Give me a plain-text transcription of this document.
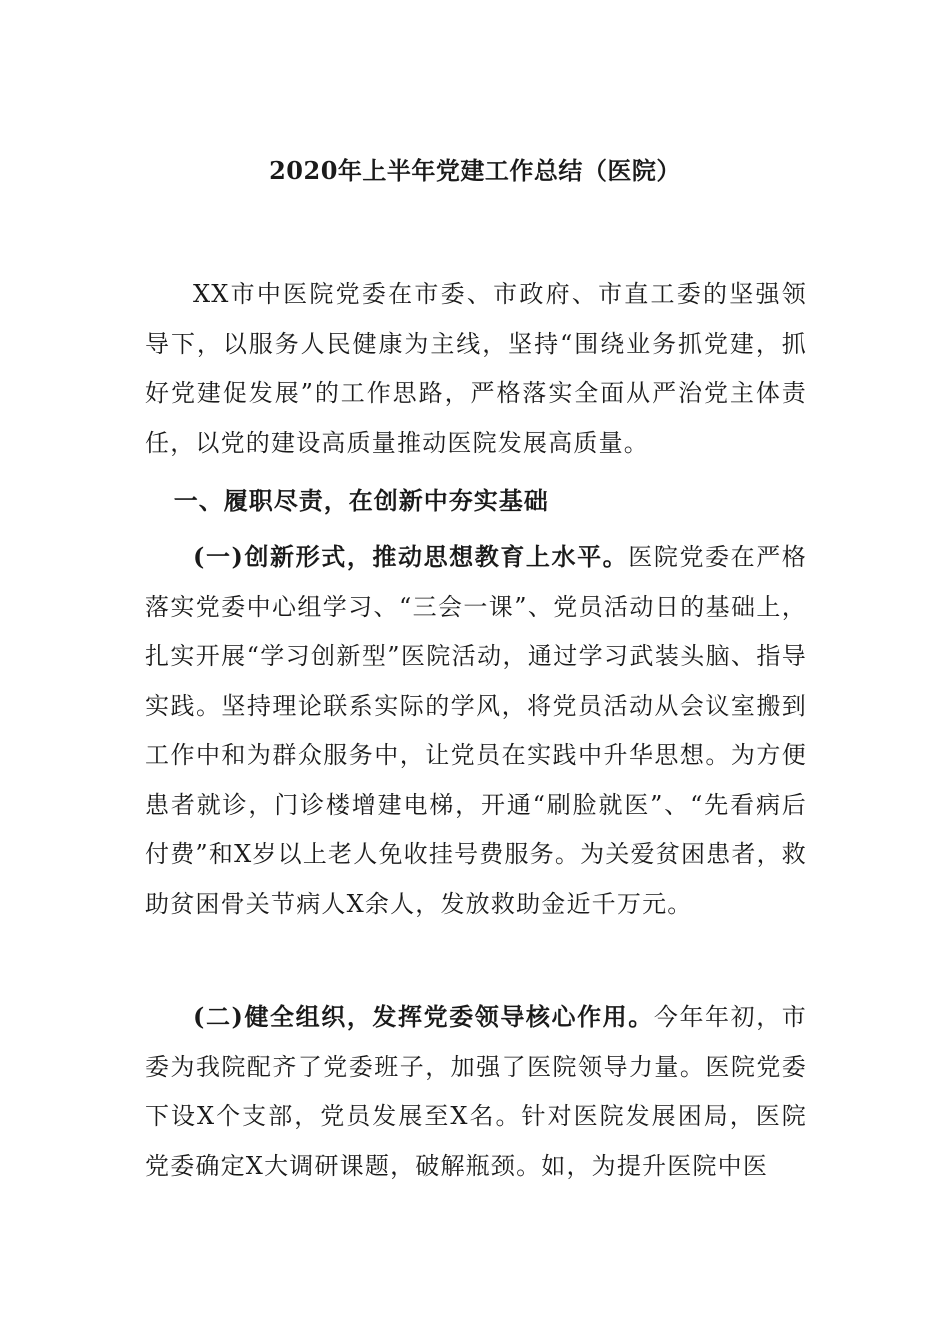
2020年上半年党建工作总结（医院）

XX市中医院党委在市委、市政府、市直工委的坚强领导下，以服务人民健康为主线，坚持“围绕业务抓党建，抓好党建促发展”的工作思路，严格落实全面从严治党主体责任，以党的建设高质量推动医院发展高质量。

一、履职尽责，在创新中夯实基础

(一)创新形式，推动思想教育上水平。医院党委在严格落实党委中心组学习、“三会一课”、党员活动日的基础上，扎实开展“学习创新型”医院活动，通过学习武装头脑、指导实践。坚持理论联系实际的学风，将党员活动从会议室搬到工作中和为群众服务中，让党员在实践中升华思想。为方便患者就诊，门诊楼增建电梯，开通“刷脸就医”、“先看病后付费”和X岁以上老人免收挂号费服务。为关爱贫困患者，救助贫困骨关节病人X余人，发放救助金近千万元。

(二)健全组织，发挥党委领导核心作用。今年年初，市委为我院配齐了党委班子，加强了医院领导力量。医院党委下设X个支部，党员发展至X名。针对医院发展困局，医院党委确定X大调研课题，破解瓶颈。如，为提升医院中医
